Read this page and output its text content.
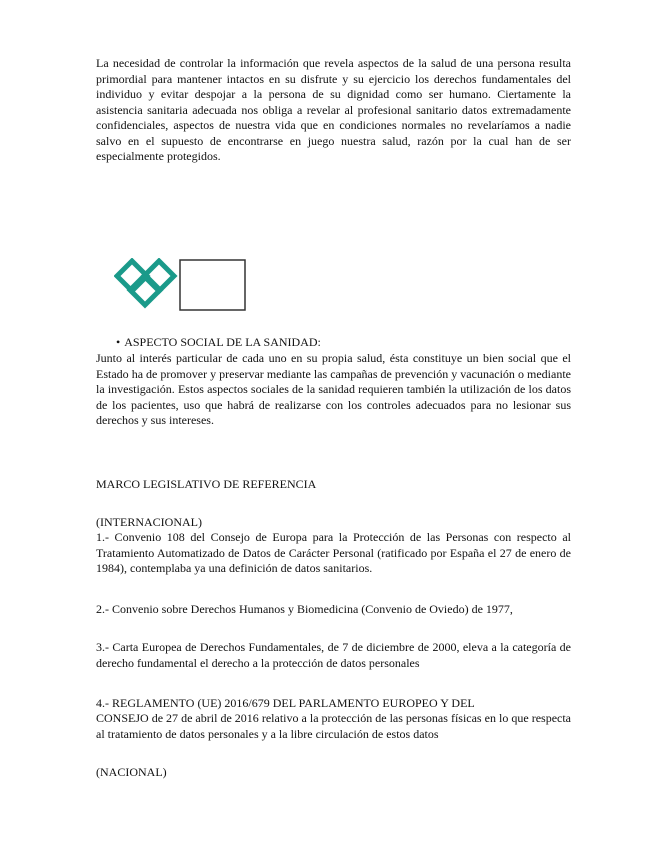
La necesidad de controlar la información que revela aspectos de la salud de una persona resulta primordial para mantener intactos en su disfrute y su ejercicio los derechos fundamentales del individuo y evitar despojar a la persona de su dignidad como ser humano. Ciertamente la asistencia sanitaria adecuada nos obliga a revelar al profesional sanitario datos extremadamente confidenciales, aspectos de nuestra vida que en condiciones normales no revelaríamos a nadie salvo en el supuesto de encontrarse en juego nuestra salud, razón por la cual han de ser especialmente protegidos.

• ASPECTO SOCIAL DE LA SANIDAD:

Junto al interés particular de cada uno en su propia salud, ésta constituye un bien social que el Estado ha de promover y preservar mediante las campañas de prevención y vacunación o mediante la investigación. Estos aspectos sociales de la sanidad requieren también la utilización de los datos de los pacientes, uso que habrá de realizarse con los controles adecuados para no lesionar sus derechos y sus intereses.

MARCO LEGISLATIVO DE REFERENCIA
(INTERNACIONAL)

1.- Convenio 108 del Consejo de Europa para la Protección de las Personas con respecto al Tratamiento Automatizado de Datos de Carácter Personal (ratificado por España el 27 de enero de 1984), contemplaba ya una definición de datos sanitarios.

2.- Convenio sobre Derechos Humanos y Biomedicina (Convenio de Oviedo) de 1977,

3.- Carta Europea de Derechos Fundamentales, de 7 de diciembre de 2000, eleva a la categoría de derecho fundamental el derecho a la protección de datos personales

4.- REGLAMENTO (UE) 2016/679 DEL PARLAMENTO EUROPEO Y DEL

CONSEJO de 27 de abril de 2016 relativo a la protección de las personas físicas en lo que respecta al tratamiento de datos personales y a la libre circulación de estos datos

(NACIONAL)
